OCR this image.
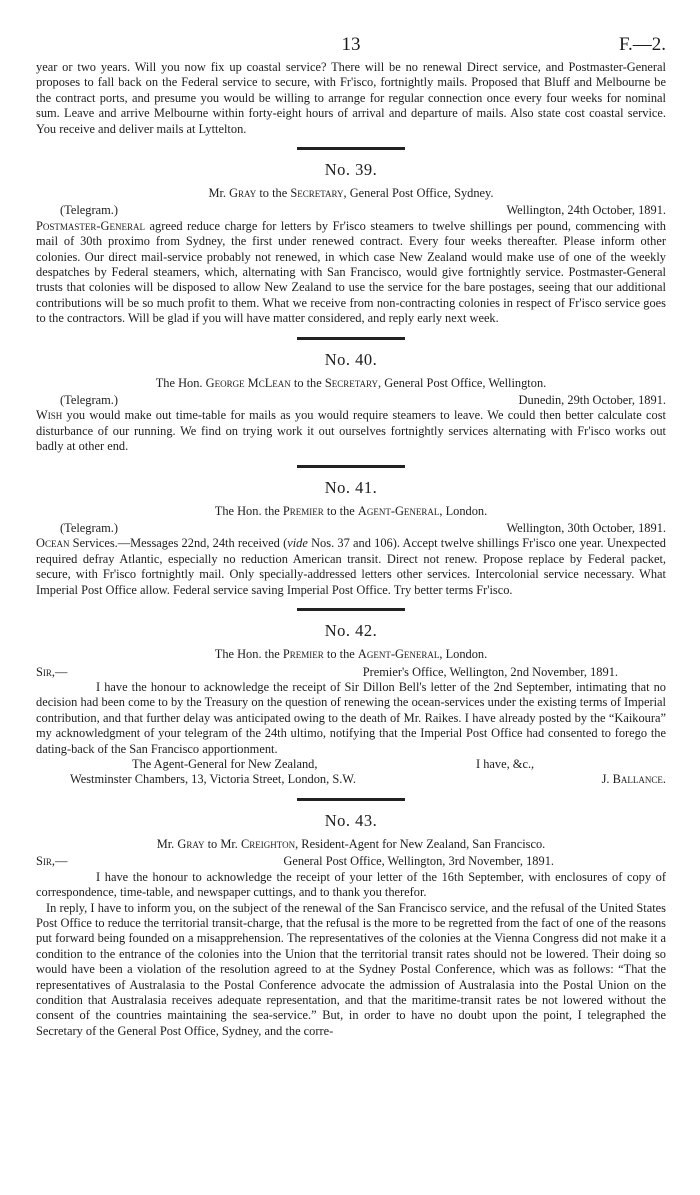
13	F.—2.

year or two years. Will you now fix up coastal service? There will be no renewal Direct service, and Postmaster-General proposes to fall back on the Federal service to secure, with Fr'isco, fortnightly mails. Proposed that Bluff and Melbourne be the contract ports, and presume you would be willing to arrange for regular connection once every four weeks for nominal sum. Leave and arrive Melbourne within forty-eight hours of arrival and departure of mails. Also state cost coastal service. You receive and deliver mails at Lyttelton.

No. 39.
Mr. Gray to the Secretary, General Post Office, Sydney.
(Telegram.)	Wellington, 24th October, 1891.

Postmaster-General agreed reduce charge for letters by Fr'isco steamers to twelve shillings per pound, commencing with mail of 30th proximo from Sydney, the first under renewed contract. Every four weeks thereafter. Please inform other colonies. Our direct mail-service probably not renewed, in which case New Zealand would make use of one of the weekly despatches by Federal steamers, which, alternating with San Francisco, would give fortnightly service. Postmaster-General trusts that colonies will be disposed to allow New Zealand to use the service for the bare postages, seeing that our additional contributions will be so much profit to them. What we receive from non-contracting colonies in respect of Fr'isco service goes to the contractors. Will be glad if you will have matter considered, and reply early next week.

No. 40.
The Hon. George McLean to the Secretary, General Post Office, Wellington.
(Telegram.)	Dunedin, 29th October, 1891.

Wish you would make out time-table for mails as you would require steamers to leave. We could then better calculate cost disturbance of our running. We find on trying work it out ourselves fortnightly services alternating with Fr'isco works out badly at other end.

No. 41.
The Hon. the Premier to the Agent-General, London.
(Telegram.)	Wellington, 30th October, 1891.

Ocean Services.—Messages 22nd, 24th received (vide Nos. 37 and 106). Accept twelve shillings Fr'isco one year. Unexpected required defray Atlantic, especially no reduction American transit. Direct not renew. Propose replace by Federal packet, secure, with Fr'isco fortnightly mail. Only specially-addressed letters other services. Intercolonial service necessary. What Imperial Post Office allow. Federal service saving Imperial Post Office. Try better terms Fr'isco.

No. 42.
The Hon. the Premier to the Agent-General, London.
Sir,—	Premier's Office, Wellington, 2nd November, 1891.

I have the honour to acknowledge the receipt of Sir Dillon Bell's letter of the 2nd September, intimating that no decision had been come to by the Treasury on the question of renewing the ocean-services under the existing terms of Imperial contribution, and that further delay was anticipated owing to the death of Mr. Raikes. I have already posted by the “Kaikoura” my acknowledgment of your telegram of the 24th ultimo, notifying that the Imperial Post Office had consented to forego the dating-back of the San Francisco apportionment.

The Agent-General for New Zealand,
Westminster Chambers, 13, Victoria Street, London, S.W.
I have, &c.,
J. Ballance.
No. 43.
Mr. Gray to Mr. Creighton, Resident-Agent for New Zealand, San Francisco.
Sir,—	General Post Office, Wellington, 3rd November, 1891.

I have the honour to acknowledge the receipt of your letter of the 16th September, with enclosures of copy of correspondence, time-table, and newspaper cuttings, and to thank you therefor.

In reply, I have to inform you, on the subject of the renewal of the San Francisco service, and the refusal of the United States Post Office to reduce the territorial transit-charge, that the refusal is the more to be regretted from the fact of one of the reasons put forward being founded on a misapprehension. The representatives of the colonies at the Vienna Congress did not make it a condition to the entrance of the colonies into the Union that the territorial transit rates should not be lowered. Their doing so would have been a violation of the resolution agreed to at the Sydney Postal Conference, which was as follows: “That the representatives of Australasia to the Postal Conference advocate the admission of Australasia into the Postal Union on the condition that Australasia receives adequate representation, and that the maritime-transit rates be not lowered without the consent of the countries maintaining the sea-service.” But, in order to have no doubt upon the point, I telegraphed the Secretary of the General Post Office, Sydney, and the corre-
